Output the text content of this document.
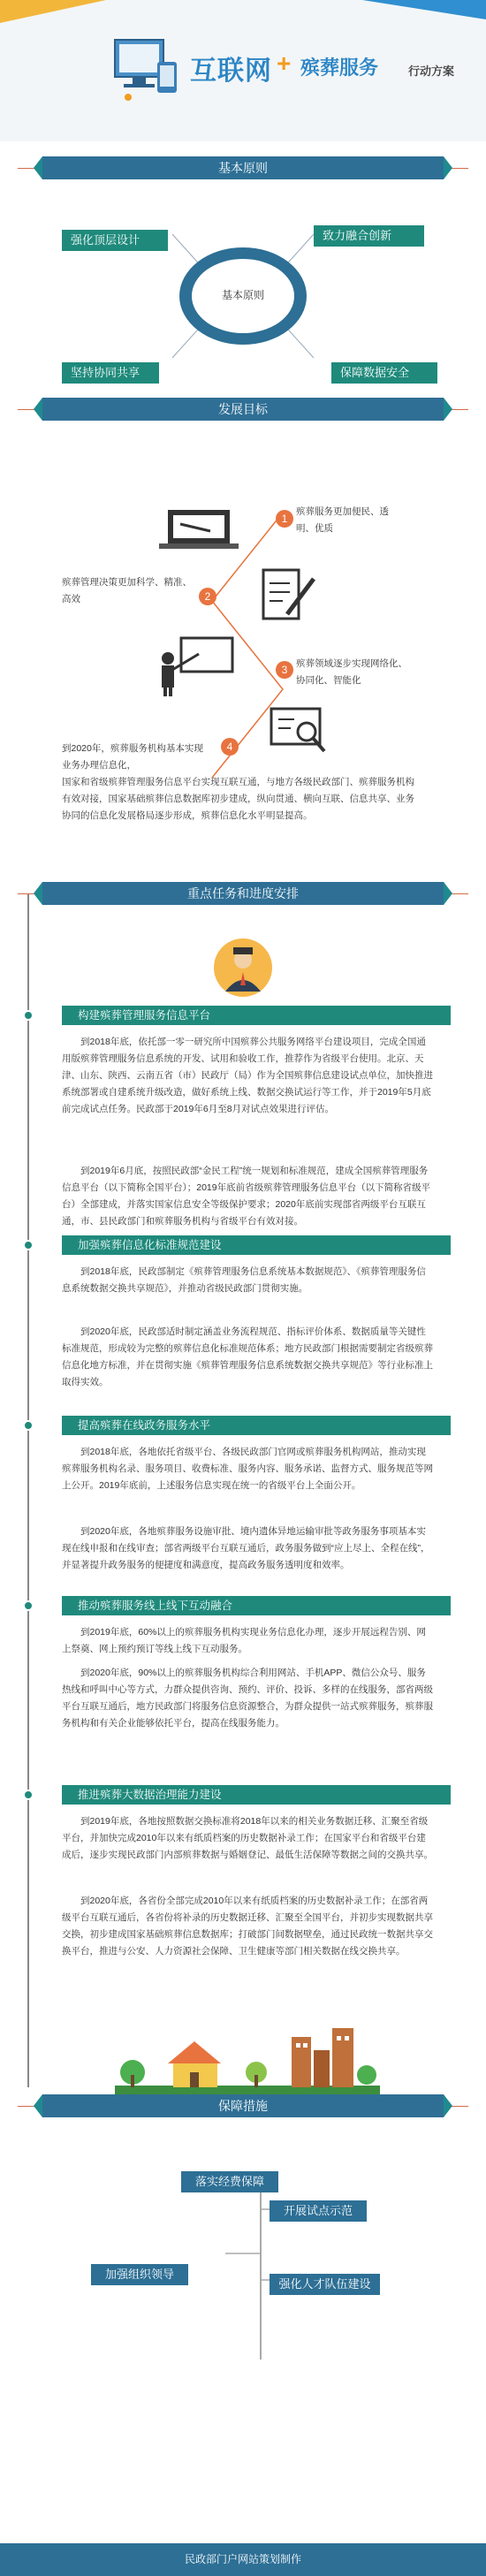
互联网 + 殡葬服务	行动方案
基本原则
基本原则
强化顶层设计	致力融合创新
坚持协同共享	保障数据安全
发展目标
1
殡葬服务更加便民、透明、优质
殡葬管理决策更加科学、精准、高效	2
3 殡葬领域逐步实现网络化、协同化、智能化
4
到2020年，殡葬服务机构基本实现业务办理信息化，
国家和省级殡葬管理服务信息平台实现互联互通，与地方各级民政部门、殡葬服务机构有效对接，国家基础殡葬信息数据库初步建成，纵向贯通、横向互联、信息共享、业务协同的信息化发展格局逐步形成，殡葬信息化水平明显提高。
重点任务和进度安排
构建殡葬管理服务信息平台
到2018年底，依托部一零一研究所中国殡葬公共服务网络平台建设项目，完成全国通用版殡葬管理服务信息系统的开发、试用和验收工作，推荐作为省级平台使用。北京、天津、山东、陕西、云南五省（市）民政厅（局）作为全国殡葬信息建设试点单位，加快推进系统部署或自建系统升级改造，做好系统上线、数据交换试运行等工作，并于2019年5月底前完成试点任务。民政部于2019年6月至8月对试点效果进行评估。
到2019年6月底，按照民政部“金民工程”统一规划和标准规范，建成全国殡葬管理服务信息平台（以下简称全国平台）；2019年底前省级殡葬管理服务信息平台（以下简称省级平台）全部建成，并落实国家信息安全等级保护要求；2020年底前实现部省两级平台互联互通，市、县民政部门和殡葬服务机构与省级平台有效对接。
加强殡葬信息化标准规范建设
到2018年底，民政部制定《殡葬管理服务信息系统基本数据规范》、《殡葬管理服务信息系统数据交换共享规范》，并推动省级民政部门贯彻实施。
到2020年底，民政部适时制定涵盖业务流程规范、指标评价体系、数据质量等关键性标准规范，形成较为完整的殡葬信息化标准规范体系；地方民政部门根据需要制定省级殡葬信息化地方标准，并在贯彻实施《殡葬管理服务信息系统数据交换共享规范》等行业标准上取得实效。
提高殡葬在线政务服务水平
到2018年底，各地依托省级平台、各级民政部门官网或殡葬服务机构网站，推动实现殡葬服务机构名录、服务项目、收费标准、服务内容、服务承诺、监督方式、服务规范等网上公开。2019年底前，上述服务信息实现在统一的省级平台上全面公开。
到2020年底，各地殡葬服务设施审批、境内遗体异地运输审批等政务服务事项基本实现在线申报和在线审查；部省两级平台互联互通后，政务服务做到“应上尽上、全程在线”，并显著提升政务服务的便捷度和满意度，提高政务服务透明度和效率。
推动殡葬服务线上线下互动融合
到2019年底，60%以上的殡葬服务机构实现业务信息化办理，逐步开展远程告别、网上祭奠、网上预约预订等线上线下互动服务。
到2020年底，90%以上的殡葬服务机构综合利用网站、手机APP、微信公众号、服务热线和呼叫中心等方式，力群众提供咨询、预约、评价、投诉、多样的在线服务，部省两级平台互联互通后，地方民政部门将服务信息资源整合，为群众提供一站式殡葬服务，殡葬服务机构和有关企业能够依托平台，提高在线服务能力。
推进殡葬大数据治理能力建设
到2019年底，各地按照数据交换标准将2018年以来的相关业务数据迁移、汇聚至省级平台，并加快完成2010年以来有纸质档案的历史数据补录工作；在国家平台和省级平台建成后，逐步实现民政部门内部殡葬数据与婚姻登记、最低生活保障等数据之间的交换共享。
到2020年底，各省份全部完成2010年以来有纸质档案的历史数据补录工作；在部省两级平台互联互通后，各省份将补录的历史数据迁移、汇聚至全国平台，并初步实现数据共享交换，初步建成国家基础殡葬信息数据库；打破部门间数据壁垒，通过民政统一数据共享交换平台，推进与公安、人力资源社会保障、卫生健康等部门相关数据在线交换共享。
保障措施
落实经费保障
开展试点示范
加强组织领导
强化人才队伍建设
民政部门户网站策划制作
